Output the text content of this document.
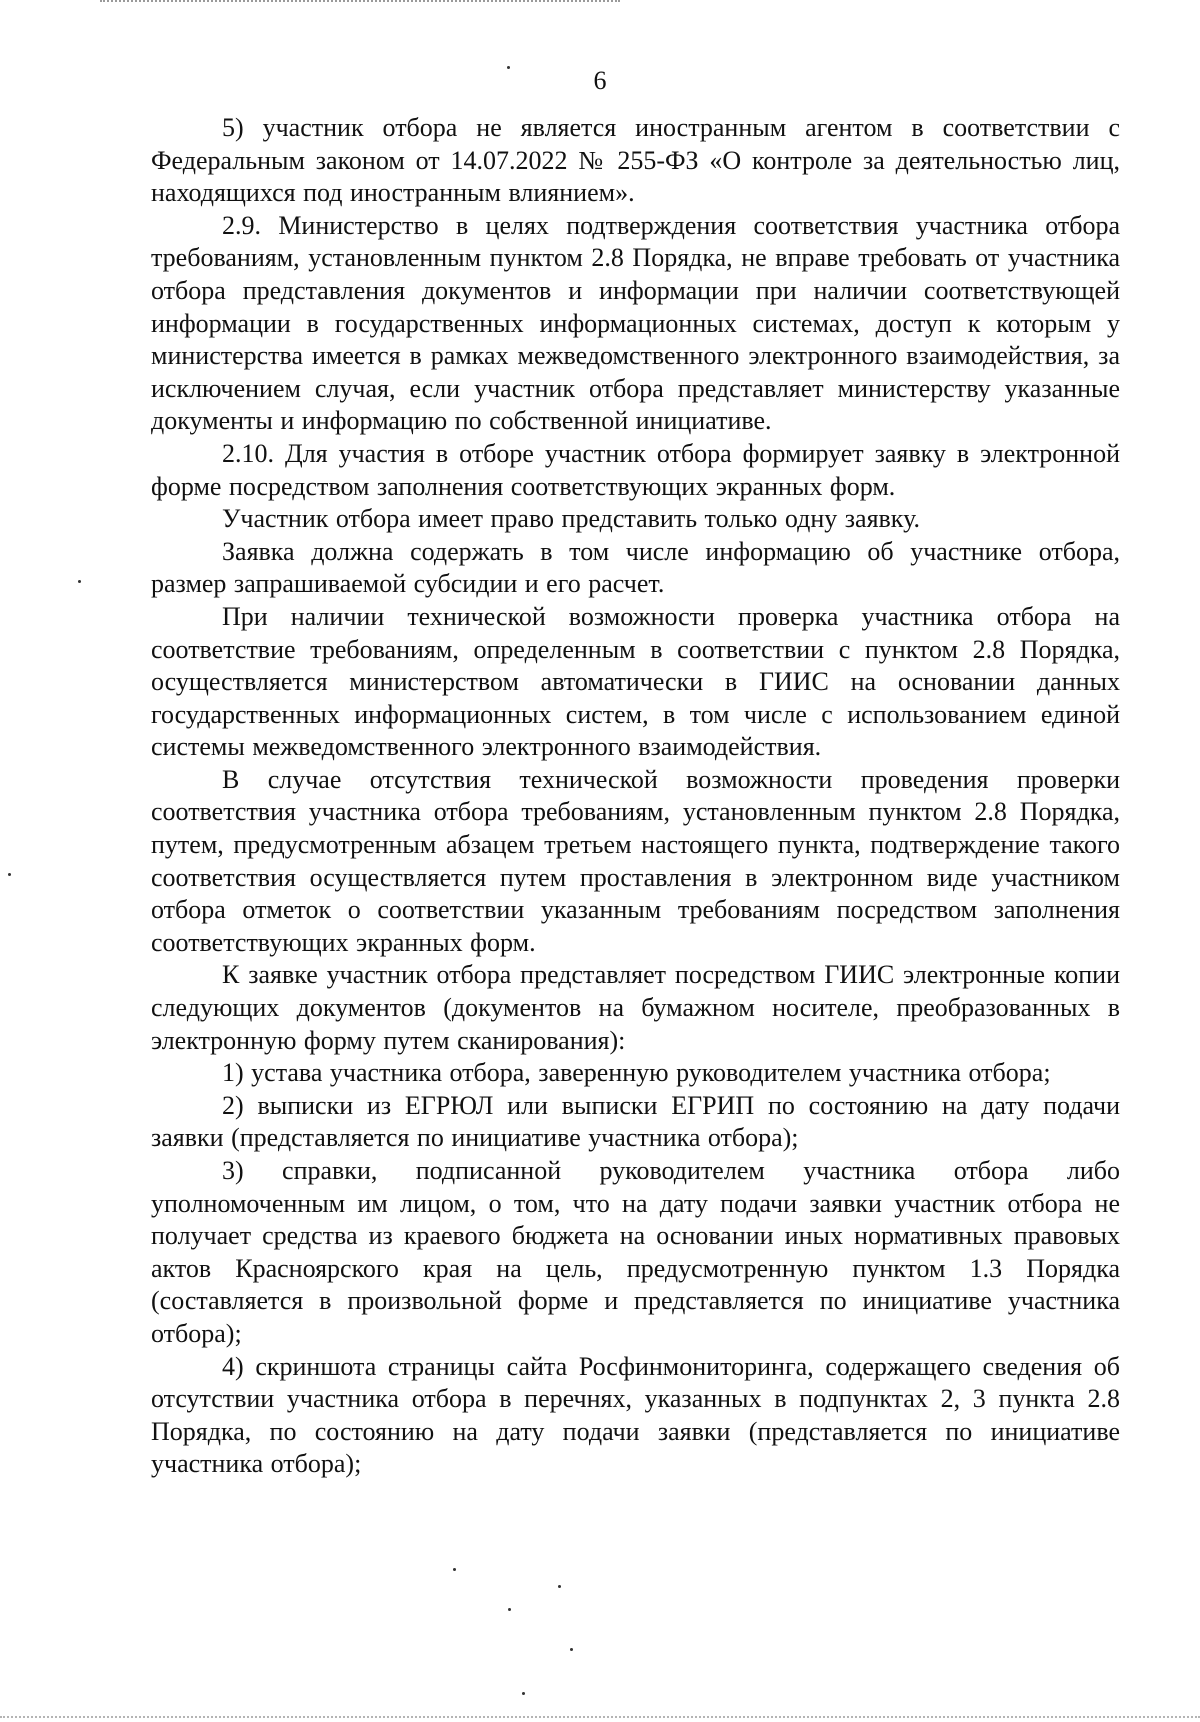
6

5) участник отбора не является иностранным агентом в соответствии с Федеральным законом от 14.07.2022 № 255-ФЗ «О контроле за деятельностью лиц, находящихся под иностранным влиянием».

2.9. Министерство в целях подтверждения соответствия участника отбора требованиям, установленным пунктом 2.8 Порядка, не вправе требовать от участника отбора представления документов и информации при наличии соответствующей информации в государственных информационных системах, доступ к которым у министерства имеется в рамках межведомственного электронного взаимодействия, за исключением случая, если участник отбора представляет министерству указанные документы и информацию по собственной инициативе.

2.10. Для участия в отборе участник отбора формирует заявку в электронной форме посредством заполнения соответствующих экранных форм.

Участник отбора имеет право представить только одну заявку.

Заявка должна содержать в том числе информацию об участнике отбора, размер запрашиваемой субсидии и его расчет.

При наличии технической возможности проверка участника отбора на соответствие требованиям, определенным в соответствии с пунктом 2.8 Порядка, осуществляется министерством автоматически в ГИИС на основании данных государственных информационных систем, в том числе с использованием единой системы межведомственного электронного взаимодействия.

В случае отсутствия технической возможности проведения проверки соответствия участника отбора требованиям, установленным пунктом 2.8 Порядка, путем, предусмотренным абзацем третьем настоящего пункта, подтверждение такого соответствия осуществляется путем проставления в электронном виде участником отбора отметок о соответствии указанным требованиям посредством заполнения соответствующих экранных форм.

К заявке участник отбора представляет посредством ГИИС электронные копии следующих документов (документов на бумажном носителе, преобразованных в электронную форму путем сканирования):

1) устава участника отбора, заверенную руководителем участника отбора;

2) выписки из ЕГРЮЛ или выписки ЕГРИП по состоянию на дату подачи заявки (представляется по инициативе участника отбора);

3) справки, подписанной руководителем участника отбора либо уполномоченным им лицом, о том, что на дату подачи заявки участник отбора не получает средства из краевого бюджета на основании иных нормативных правовых актов Красноярского края на цель, предусмотренную пунктом 1.3 Порядка (составляется в произвольной форме и представляется по инициативе участника отбора);

4) скриншота страницы сайта Росфинмониторинга, содержащего сведения об отсутствии участника отбора в перечнях, указанных в подпунктах 2, 3 пункта 2.8 Порядка, по состоянию на дату подачи заявки (представляется по инициативе участника отбора);
